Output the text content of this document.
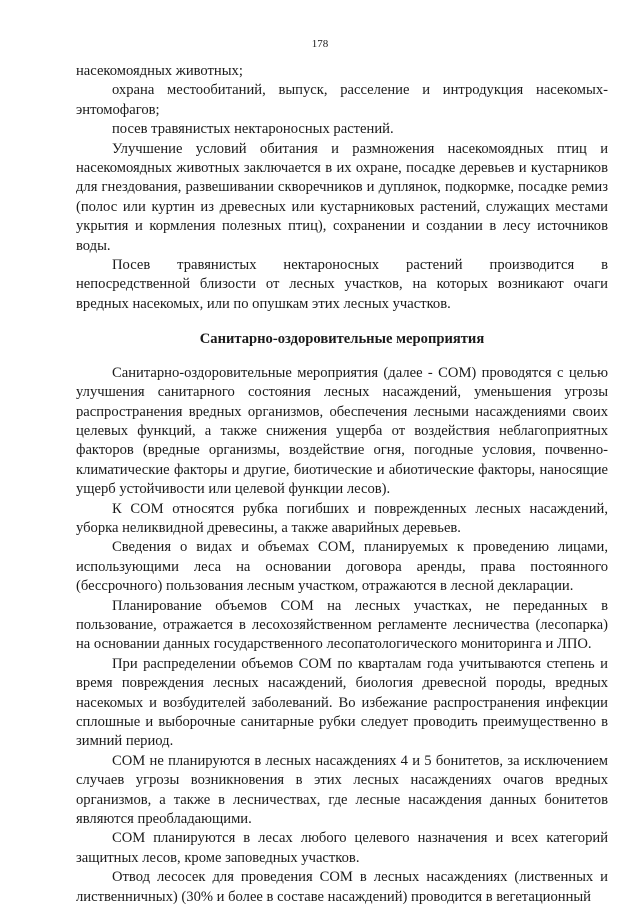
178

насекомоядных животных;

охрана местообитаний, выпуск, расселение и интродукция насекомых-энтомофагов;

посев травянистых нектароносных растений.

Улучшение условий обитания и размножения насекомоядных птиц и насекомоядных животных заключается в их охране, посадке деревьев и кустарников для гнездования, развешивании скворечников и дуплянок, подкормке, посадке ремиз (полос или куртин из древесных или кустарниковых растений, служащих местами укрытия и кормления полезных птиц), сохранении и создании в лесу источников воды.

Посев травянистых нектароносных растений производится в непосредственной близости от лесных участков, на которых возникают очаги вредных насекомых, или по опушкам этих лесных участков.

Санитарно-оздоровительные мероприятия

Санитарно-оздоровительные мероприятия (далее - СОМ) проводятся с целью улучшения санитарного состояния лесных насаждений, уменьшения угрозы распространения вредных организмов, обеспечения лесными насаждениями своих целевых функций, а также снижения ущерба от воздействия неблагоприятных факторов (вредные организмы, воздействие огня, погодные условия, почвенно-климатические факторы и другие, биотические и абиотические факторы, наносящие ущерб устойчивости или целевой функции лесов).

К СОМ относятся рубка погибших и поврежденных лесных насаждений, уборка неликвидной древесины, а также аварийных деревьев.

Сведения о видах и объемах СОМ, планируемых к проведению лицами, использующими леса на основании договора аренды, права постоянного (бессрочного) пользования лесным участком, отражаются в лесной декларации.

Планирование объемов СОМ на лесных участках, не переданных в пользование, отражается в лесохозяйственном регламенте лесничества (лесопарка) на основании данных государственного лесопатологического мониторинга и ЛПО.

При распределении объемов СОМ по кварталам года учитываются степень и время повреждения лесных насаждений, биология древесной породы, вредных насекомых и возбудителей заболеваний. Во избежание распространения инфекции сплошные и выборочные санитарные рубки следует проводить преимущественно в зимний период.

СОМ не планируются в лесных насаждениях 4 и 5 бонитетов, за исключением случаев угрозы возникновения в этих лесных насаждениях очагов вредных организмов, а также в лесничествах, где лесные насаждения данных бонитетов являются преобладающими.

СОМ планируются в лесах любого целевого назначения и всех категорий защитных лесов, кроме заповедных участков.

Отвод лесосек для проведения СОМ в лесных насаждениях (лиственных и лиственничных) (30% и более в составе насаждений) проводится в вегетационный
